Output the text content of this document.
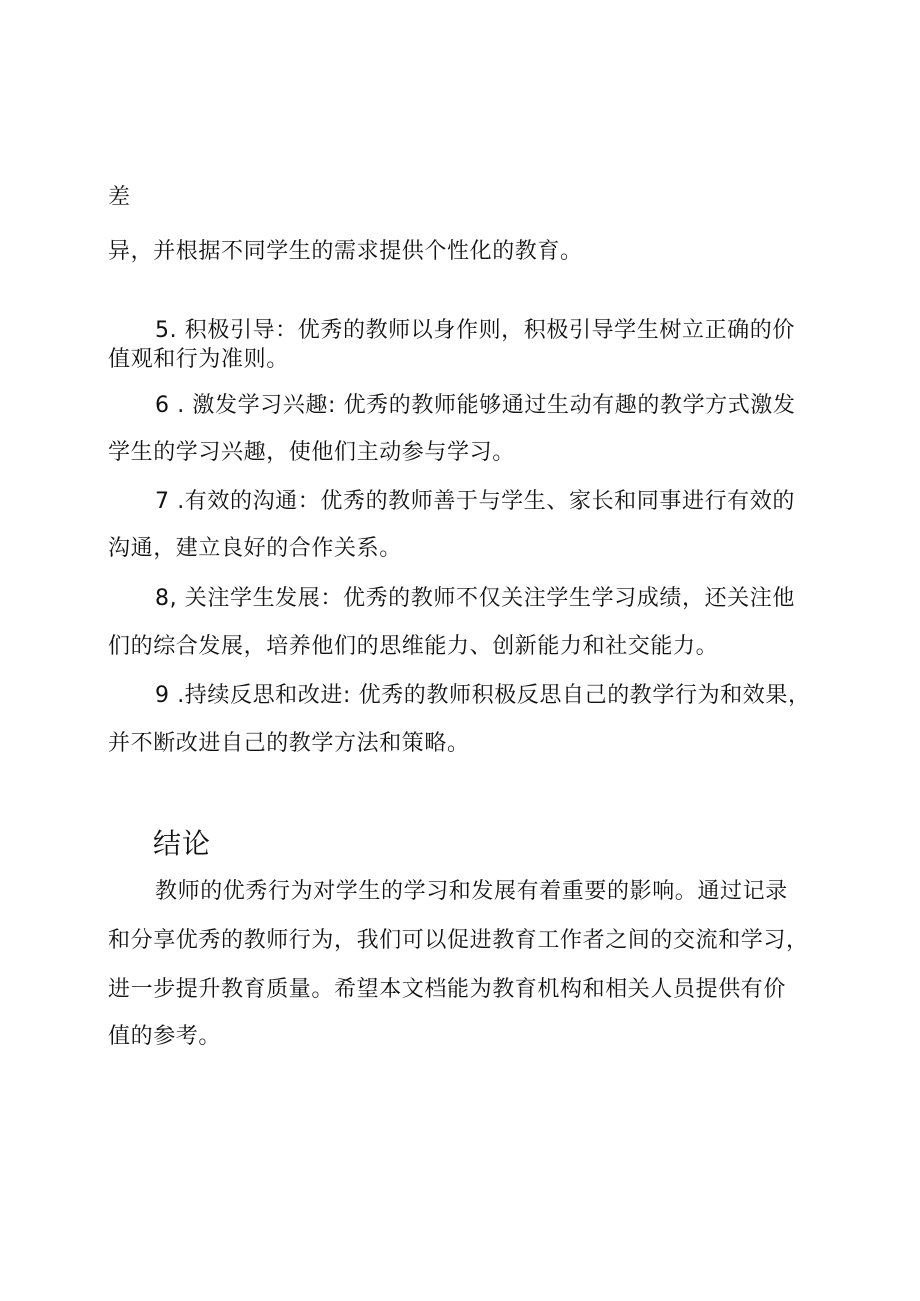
差
异，并根据不同学生的需求提供个性化的教育。
5. 积极引导：优秀的教师以身作则，积极引导学生树立正确的价
值观和行为准则。
6 . 激发学习兴趣: 优秀的教师能够通过生动有趣的教学方式激发
学生的学习兴趣，使他们主动参与学习。
7 .有效的沟通：优秀的教师善于与学生、家长和同事进行有效的
沟通，建立良好的合作关系。
8, 关注学生发展：优秀的教师不仅关注学生学习成绩，还关注他
们的综合发展，培养他们的思维能力、创新能力和社交能力。
9 .持续反思和改进: 优秀的教师积极反思自己的教学行为和效果，
并不断改进自己的教学方法和策略。
结论
教师的优秀行为对学生的学习和发展有着重要的影响。通过记录
和分享优秀的教师行为，我们可以促进教育工作者之间的交流和学习，
进一步提升教育质量。希望本文档能为教育机构和相关人员提供有价
值的参考。
